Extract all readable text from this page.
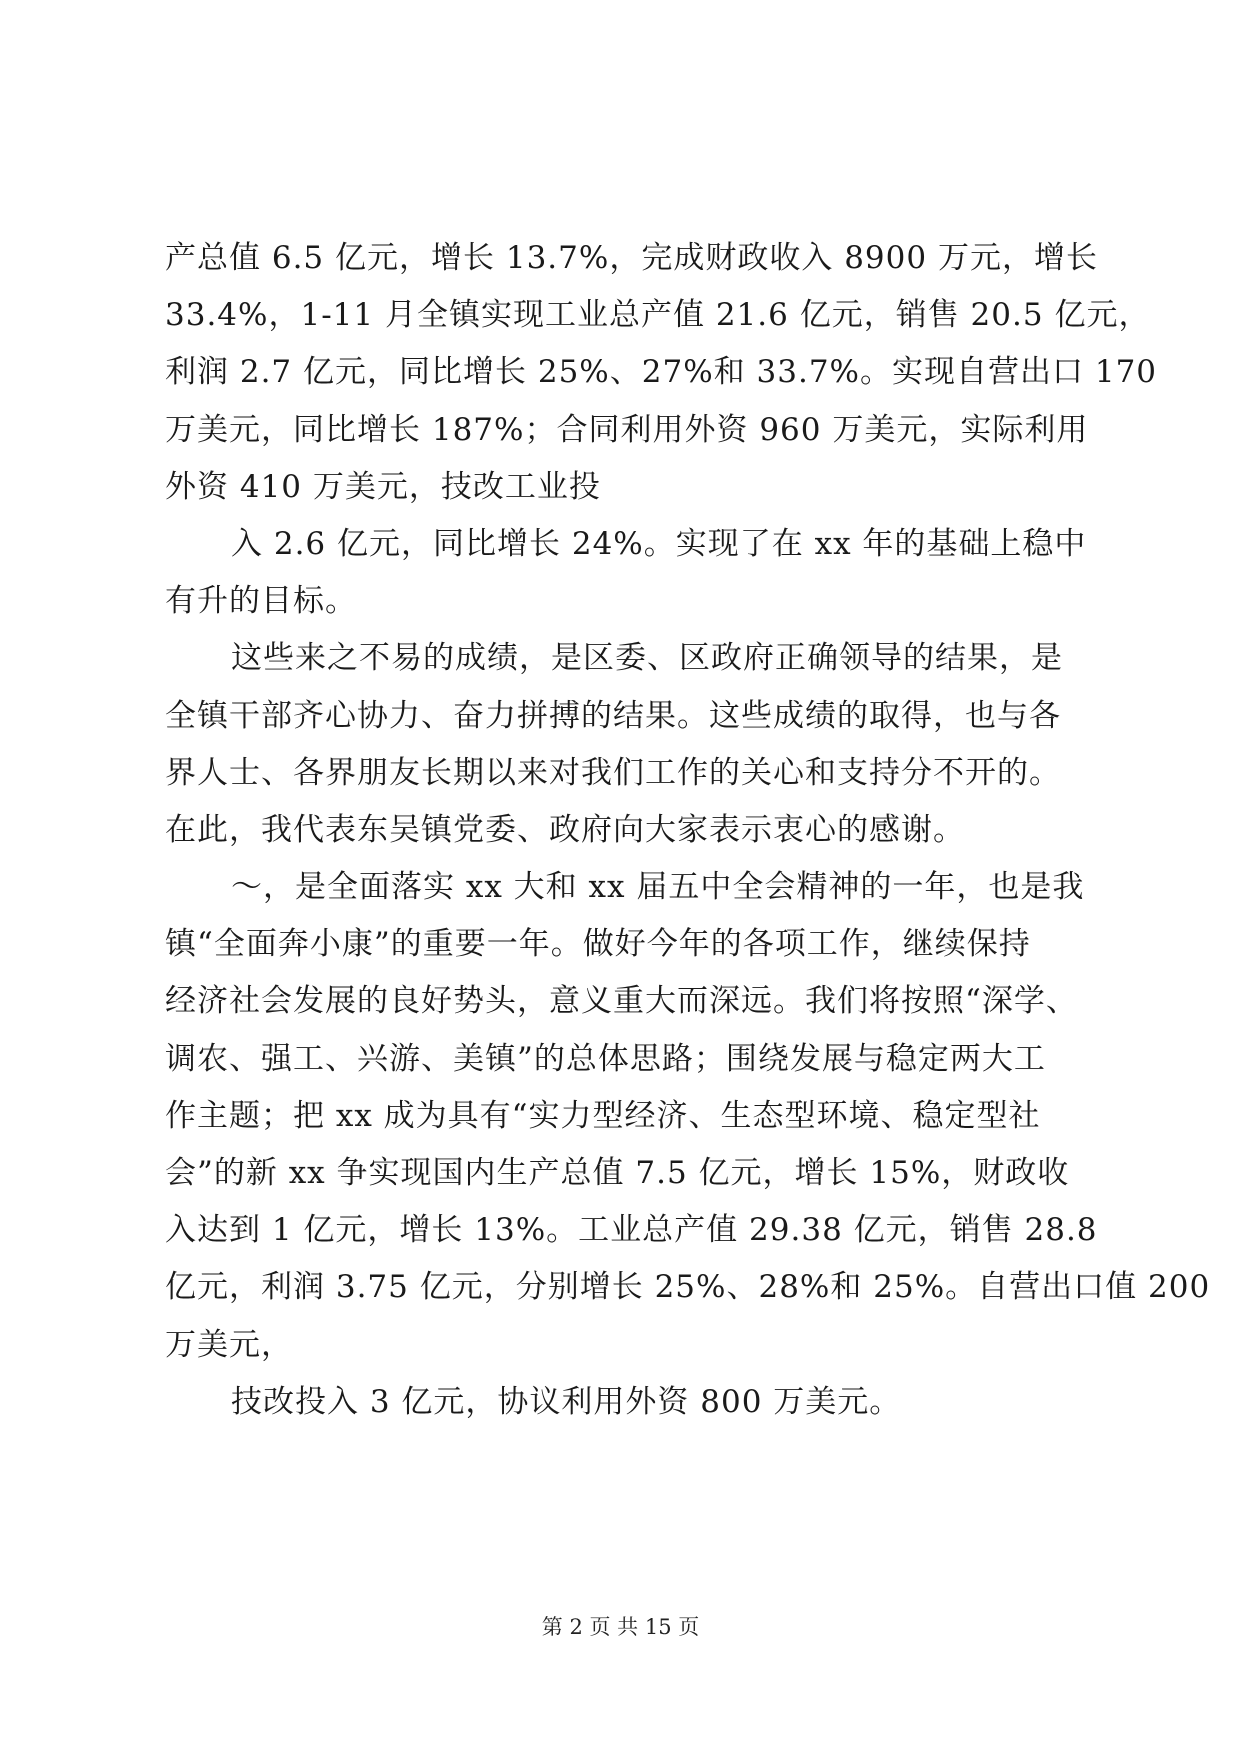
产总值 6.5 亿元，增长 13.7%，完成财政收入 8900 万元，增长
33.4%，1-11 月全镇实现工业总产值 21.6 亿元，销售 20.5 亿元，
利润 2.7 亿元，同比增长 25%、27%和 33.7%。实现自营出口 170
万美元，同比增长 187%；合同利用外资 960 万美元，实际利用
外资 410 万美元，技改工业投
入 2.6 亿元，同比增长 24%。实现了在 xx 年的基础上稳中
有升的目标。
这些来之不易的成绩，是区委、区政府正确领导的结果，是
全镇干部齐心协力、奋力拼搏的结果。这些成绩的取得，也与各
界人士、各界朋友长期以来对我们工作的关心和支持分不开的。
在此，我代表东吴镇党委、政府向大家表示衷心的感谢。
～，是全面落实 xx 大和 xx 届五中全会精神的一年，也是我
镇“全面奔小康”的重要一年。做好今年的各项工作，继续保持
经济社会发展的良好势头，意义重大而深远。我们将按照“深学、
调农、强工、兴游、美镇”的总体思路；围绕发展与稳定两大工
作主题；把 xx 成为具有“实力型经济、生态型环境、稳定型社
会”的新 xx 争实现国内生产总值 7.5 亿元，增长 15%，财政收
入达到 1 亿元，增长 13%。工业总产值 29.38 亿元，销售 28.8
亿元，利润 3.75 亿元，分别增长 25%、28%和 25%。自营出口值 200
万美元，
技改投入 3 亿元，协议利用外资 800 万美元。
第 2 页 共 15 页
